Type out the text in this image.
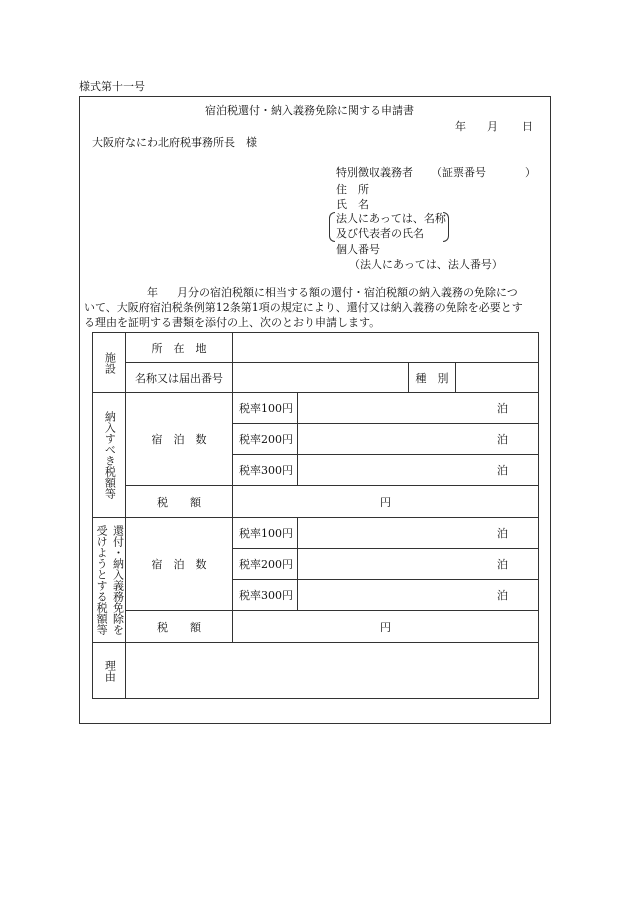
様式第十一号
宿泊税還付・納入義務免除に関する申請書
年 月 日
大阪府なにわ北府税事務所長　様
特別徴収義務者 （証票番号	）
住　所
氏　名
法人にあっては、名称
及び代表者の氏名
個人番号
（法人にあっては、法人番号）
年 月分の宿泊税額に相当する額の還付・宿泊税額の納入義務の免除につ
いて、大阪府宿泊税条例第12条第1項の規定により、還付又は納入義務の免除を必要とす
る理由を証明する書類を添付の上、次のとおり申請します。
施設	所　在　地				
	名称又は届出番号			種　別	

納入すべき税額等	宿　泊　数	税率100円	泊		
		税率200円	泊		
		税率300円	泊		
	税　　額	円			

受けようとする税額等 還付・納入義務免除を	宿　泊　数	税率100円	泊		
		税率200円	泊		
		税率300円	泊		
	税　　額	円			

理由					
